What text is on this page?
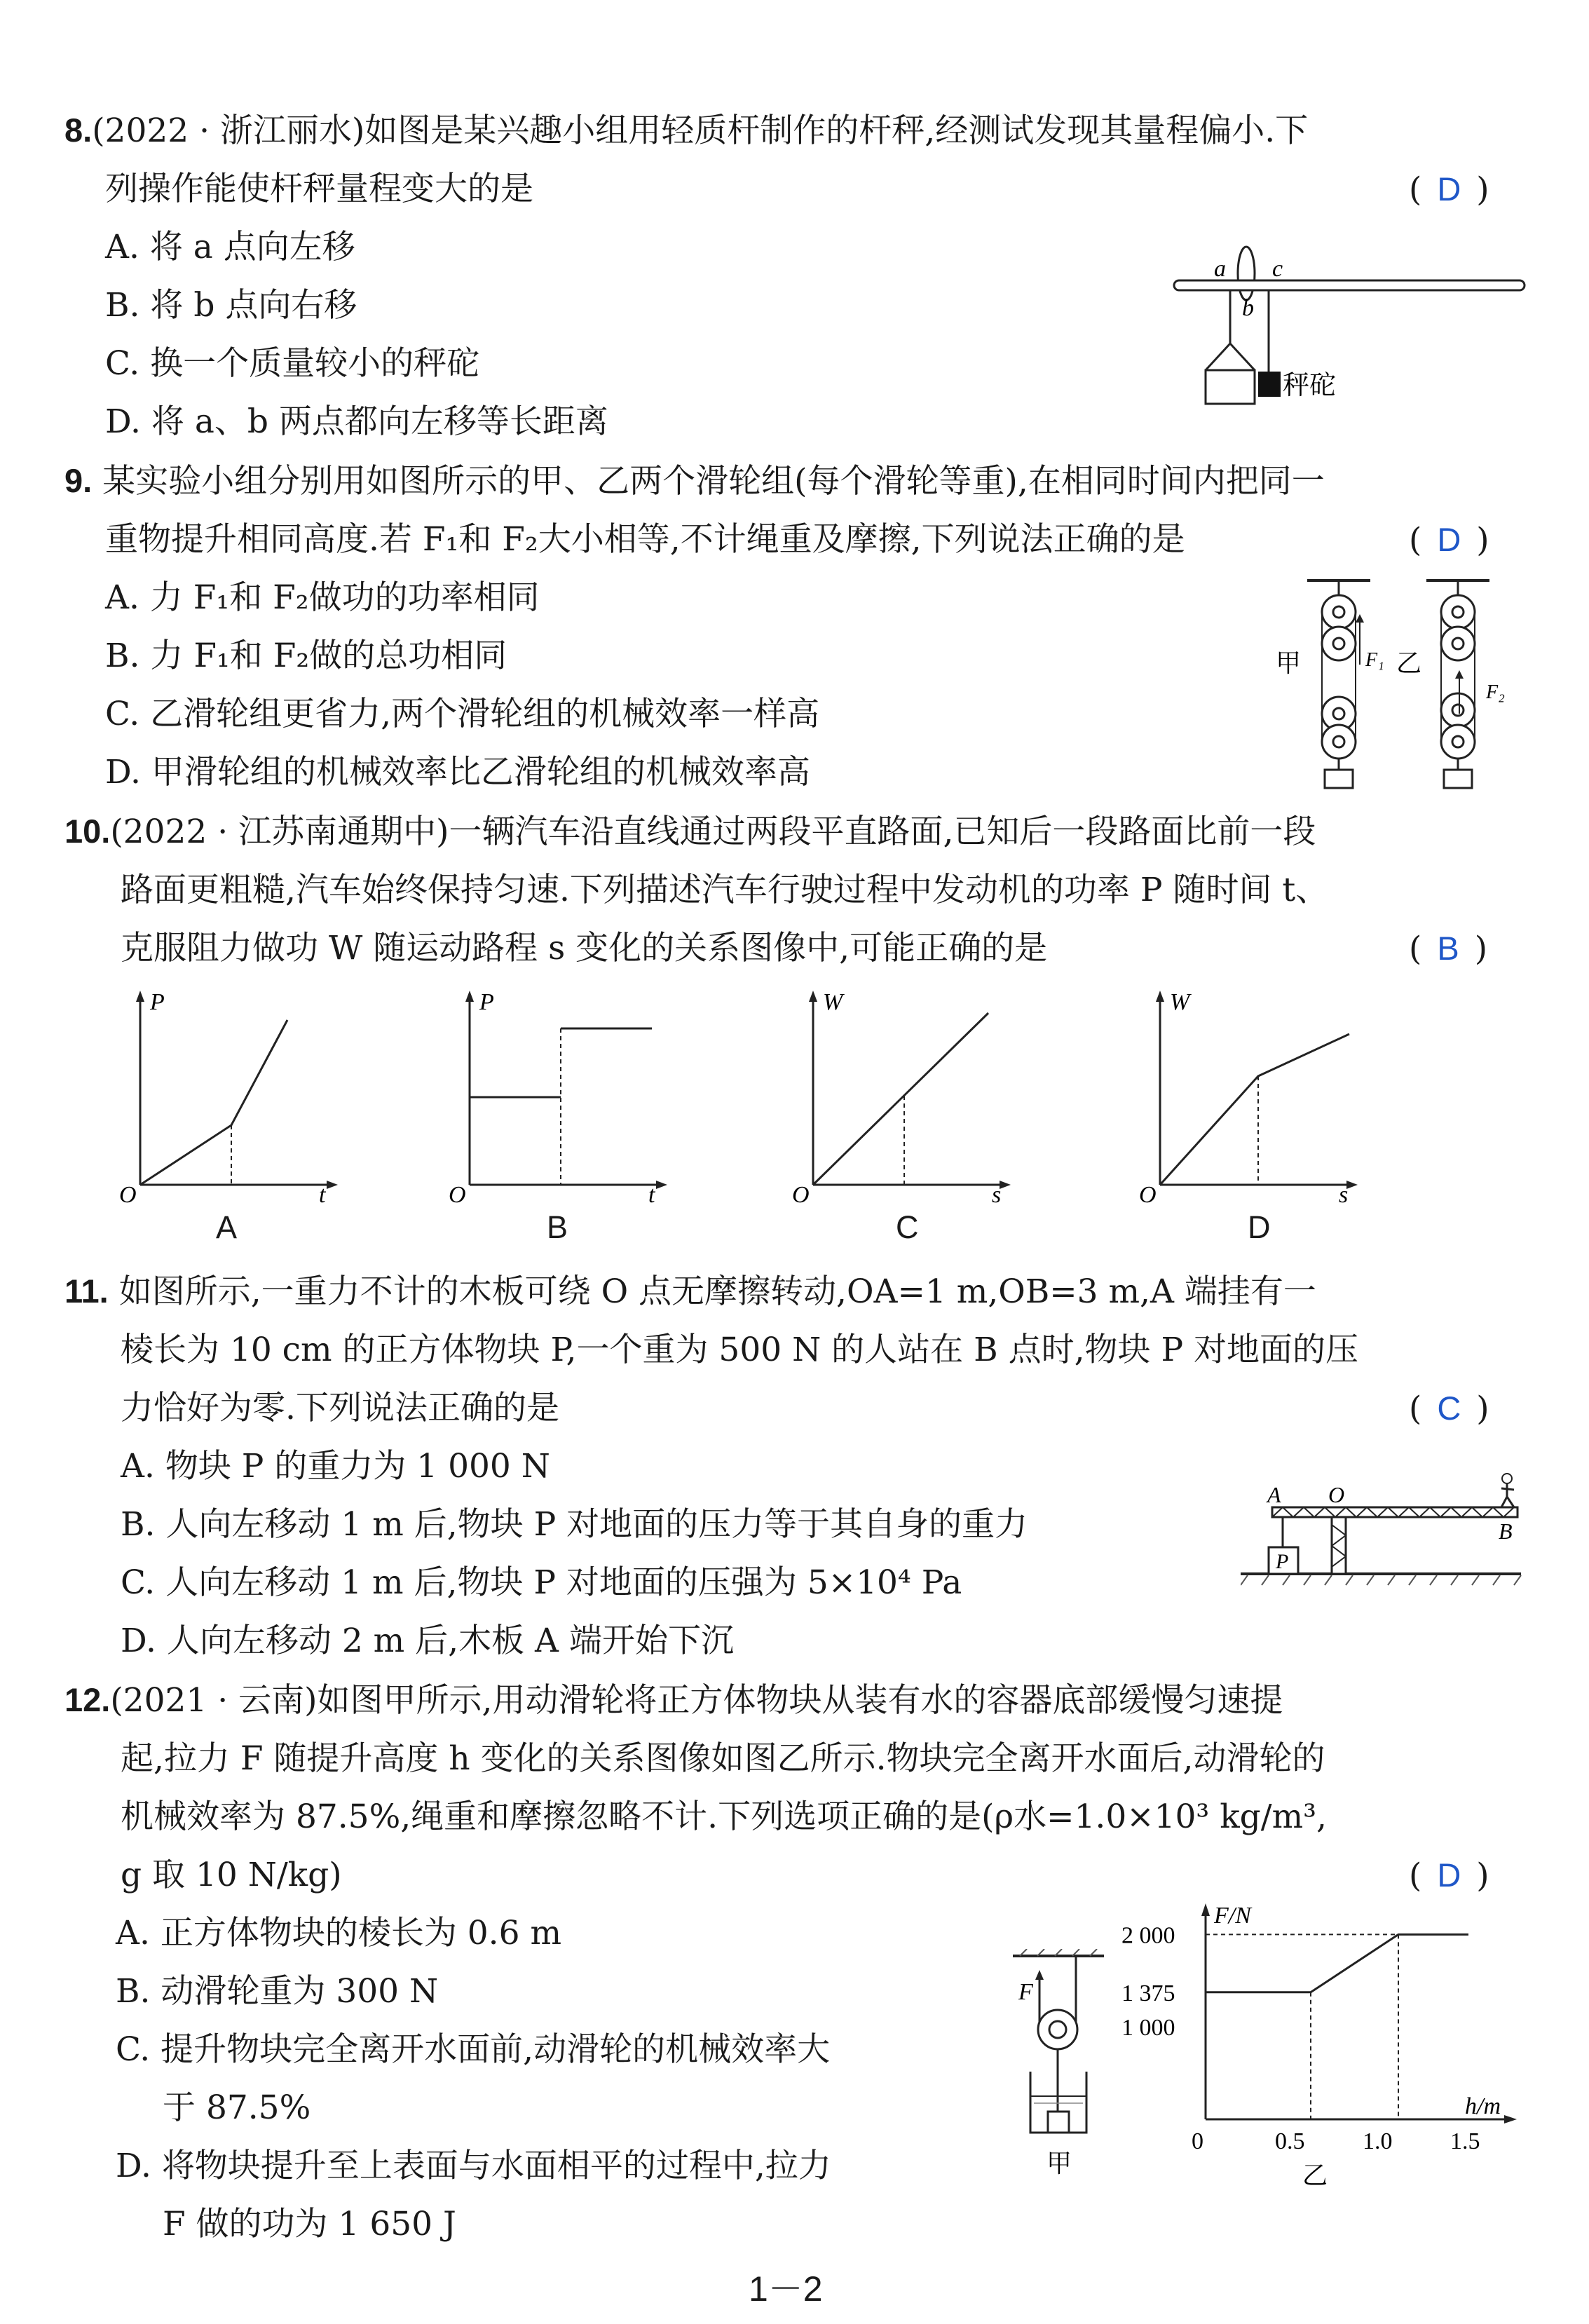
8.(2022 · 浙江丽水)如图是某兴趣小组用轻质杆制作的杆秤,经测试发现其量程偏小.下
列操作能使杆秤量程变大的是	( D )
A. 将 a 点向左移
B. 将 b 点向右移
C. 换一个质量较小的秤砣
D. 将 a、b 两点都向左移等长距离
a
b
c
秤砣
9. 某实验小组分别用如图所示的甲、乙两个滑轮组(每个滑轮等重),在相同时间内把同一
重物提升相同高度.若 F₁和 F₂大小相等,不计绳重及摩擦,下列说法正确的是	( D )
A. 力 F₁和 F₂做功的功率相同
B. 力 F₁和 F₂做的总功相同
C. 乙滑轮组更省力,两个滑轮组的机械效率一样高
D. 甲滑轮组的机械效率比乙滑轮组的机械效率高
甲	F₁ 乙
F₂
10.(2022 · 江苏南通期中)一辆汽车沿直线通过两段平直路面,已知后一段路面比前一段
路面更粗糙,汽车始终保持匀速.下列描述汽车行驶过程中发动机的功率 P 随时间 t、
克服阻力做功 W 随运动路程 s 变化的关系图像中,可能正确的是	( B )
P
t
O
A
P
t
O
B
W
s
O
C
W
s
O
D
11. 如图所示,一重力不计的木板可绕 O 点无摩擦转动,OA=1 m,OB=3 m,A 端挂有一
棱长为 10 cm 的正方体物块 P,一个重为 500 N 的人站在 B 点时,物块 P 对地面的压
力恰好为零.下列说法正确的是	( C )
A. 物块 P 的重力为 1 000 N
B. 人向左移动 1 m 后,物块 P 对地面的压力等于其自身的重力
C. 人向左移动 1 m 后,物块 P 对地面的压强为 5×10⁴ Pa
D. 人向左移动 2 m 后,木板 A 端开始下沉
A O
B
P
12.(2021 · 云南)如图甲所示,用动滑轮将正方体物块从装有水的容器底部缓慢匀速提
起,拉力 F 随提升高度 h 变化的关系图像如图乙所示.物块完全离开水面后,动滑轮的
机械效率为 87.5%,绳重和摩擦忽略不计.下列选项正确的是(ρ水=1.0×10³ kg/m³,
g 取 10 N/kg)	( D )
A. 正方体物块的棱长为 0.6 m
B. 动滑轮重为 300 N
C. 提升物块完全离开水面前,动滑轮的机械效率大
于 87.5%
D. 将物块提升至上表面与水面相平的过程中,拉力
F 做的功为 1 650 J
F
甲
F/N
h/m
2 000
1 375
1 000
0	0.5 1.0 1.5
乙
1－2
